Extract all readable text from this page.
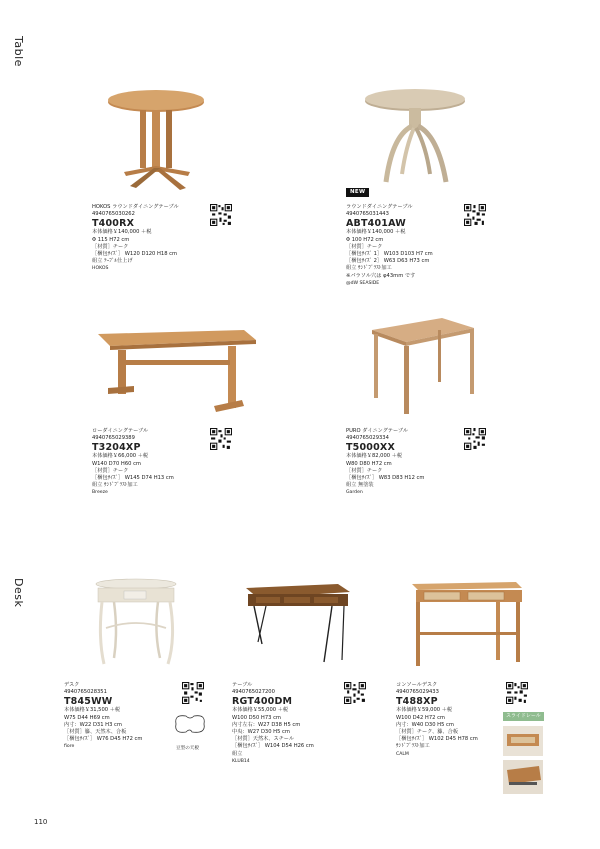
Table
Desk
HOKOS ラウンドダイニングテーブル
4940765030262
T400RX
本体価格￥140,000 ＋税
Φ 115 H72 cm
［材質］チーク
［梱包ｻｲｽﾞ］ W120 D120 H18 cm
組立 ﾃｰﾌﾞﾙ仕上げ
HOKOS
NEW
ラウンドダイニングテーブル
4940765031443
ABT401AW
本体価格￥140,000 ＋税
Φ 100 H72 cm
［材質］チーク
［梱包ｻｲｽﾞ 1］ W103 D103 H7 cm
［梱包ｻｲｽﾞ 2］ W63 D63 H73 cm
組立 ｻﾝﾄﾞﾌﾞﾗｽﾄ加工
※パラソル穴は φ43mm です
@dW SEASIDE
ローダイニングテーブル
4940765029389
T3204XP
本体価格￥66,000 ＋税
W140 D70 H60 cm
［材質］チーク
［梱包ｻｲｽﾞ］ W145 D74 H13 cm
組立 ｻﾝﾄﾞﾌﾞﾗｽﾄ加工
Breeze
PURO ダイニングテーブル
4940765029334
T5000XX
本体価格￥82,000 ＋税
W80 D80 H72 cm
［材質］チーク
［梱包ｻｲｽﾞ］ W83 D83 H12 cm
組立 無塗装
Garden
デスク
4940765028351
T845WW
本体価格￥31,500 ＋税
W75 D44 H69 cm
内寸：W22 D31 H3 cm
［材質］籐、天然木、合板
［梱包ｻｲｽﾞ］ W76 D45 H72 cm
fiore	豆型の天板
テーブル
4940765027200
RGT400DM
本体価格￥55,000 ＋税
W100 D50 H73 cm
内寸左右：W27 D38 H5 cm
中央：W27 D30 H5 cm
［材質］天然木、スチール
［梱包ｻｲｽﾞ］ W104 D54 H26 cm
組立
KLUB14
コンソールデスク
4940765029433
T488XP
本体価格￥59,000 ＋税
W100 D42 H72 cm
内寸：W40 D30 H5 cm
［材質］チーク、籐、合板
［梱包ｻｲｽﾞ］ W102 D45 H78 cm
ｻﾝﾄﾞﾌﾞﾗｽﾄ加工
CALM
スライドレール
110
